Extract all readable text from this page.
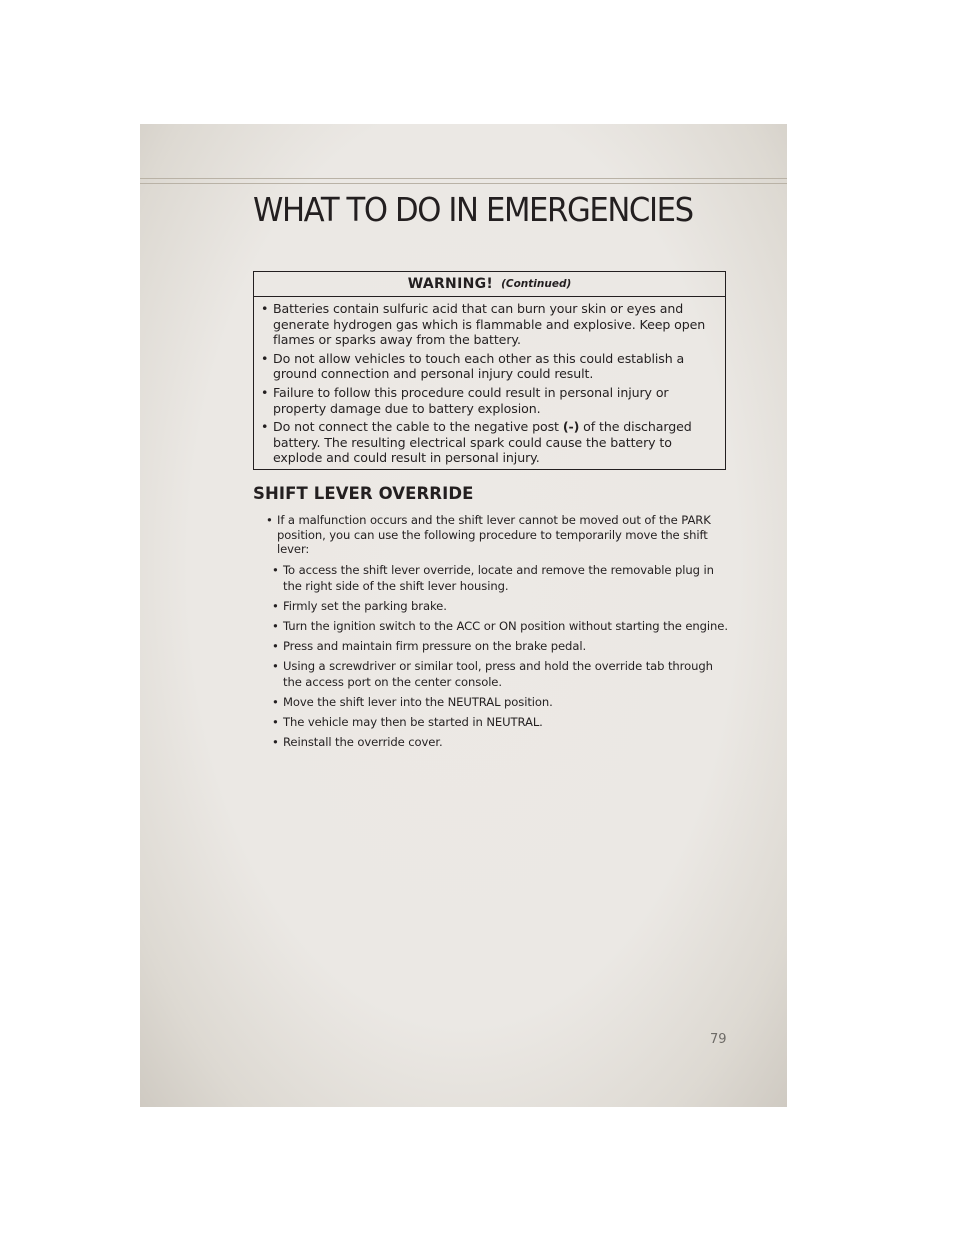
WHAT TO DO IN EMERGENCIES
WARNING! (Continued)
• Batteries contain sulfuric acid that can burn your skin or eyes and generate hydrogen gas which is flammable and explosive. Keep open flames or sparks away from the battery.
• Do not allow vehicles to touch each other as this could establish a ground connection and personal injury could result.
• Failure to follow this procedure could result in personal injury or property damage due to battery explosion.
• Do not connect the cable to the negative post (-) of the discharged battery. The resulting electrical spark could cause the battery to explode and could result in personal injury.
SHIFT LEVER OVERRIDE
• If a malfunction occurs and the shift lever cannot be moved out of the PARK position, you can use the following procedure to temporarily move the shift lever:
• To access the shift lever override, locate and remove the removable plug in the right side of the shift lever housing.
• Firmly set the parking brake.
• Turn the ignition switch to the ACC or ON position without starting the engine.
• Press and maintain firm pressure on the brake pedal.
• Using a screwdriver or similar tool, press and hold the override tab through the access port on the center console.
• Move the shift lever into the NEUTRAL position.
• The vehicle may then be started in NEUTRAL.
• Reinstall the override cover.
79
